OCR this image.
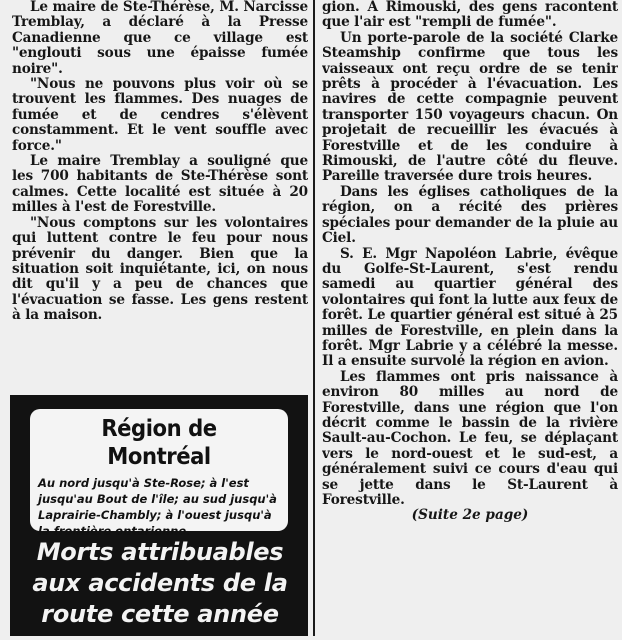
Le maire de Ste-Thérèse, M. Narcisse Tremblay, a déclaré à la Presse Canadienne que ce village est "englouti sous une épaisse fumée noire".

"Nous ne pouvons plus voir où se trouvent les flammes. Des nuages de fumée et de cendres s'élèvent constamment. Et le vent souffle avec force."

Le maire Tremblay a souligné que les 700 habitants de Ste-Thérèse sont calmes. Cette localité est située à 20 milles à l'est de Forestville.

"Nous comptons sur les volontaires qui luttent contre le feu pour nous prévenir du danger. Bien que la situation soit inquiétante, ici, on nous dit qu'il y a peu de chances que l'évacuation se fasse. Les gens restent à la maison.

Région de Montréal

Au nord jusqu'à Ste-Rose; à l'est jusqu'au Bout de l'île; au sud jusqu'à Laprairie-Chambly; à l'ouest jusqu'à la frontière ontarienne.

Morts attribuables aux accidents de la route cette année

gion. A Rimouski, des gens racontent que l'air est "rempli de fumée".

Un porte-parole de la société Clarke Steamship confirme que tous les vaisseaux ont reçu ordre de se tenir prêts à procéder à l'évacuation. Les navires de cette compagnie peuvent transporter 150 voyageurs chacun. On projetait de recueillir les évacués à Forestville et de les conduire à Rimouski, de l'autre côté du fleuve. Pareille traversée dure trois heures.

Dans les églises catholiques de la région, on a récité des prières spéciales pour demander de la pluie au Ciel.

S. E. Mgr Napoléon Labrie, évêque du Golfe-St-Laurent, s'est rendu samedi au quartier général des volontaires qui font la lutte aux feux de forêt. Le quartier général est situé à 25 milles de Forestville, en plein dans la forêt. Mgr Labrie y a célébré la messe. Il a ensuite survolé la région en avion.

Les flammes ont pris naissance à environ 80 milles au nord de Forestville, dans une région que l'on décrit comme le bassin de la rivière Sault-au-Cochon. Le feu, se déplaçant vers le nord-ouest et le sud-est, a généralement suivi ce cours d'eau qui se jette dans le St-Laurent à Forestville.

(Suite 2e page)
